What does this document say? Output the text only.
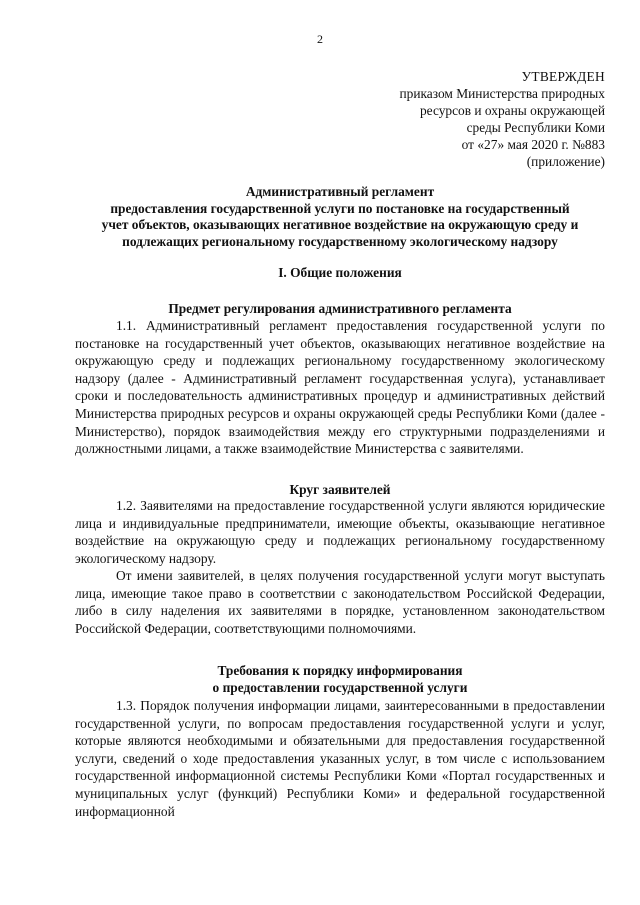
2
УТВЕРЖДЕН
приказом Министерства природных
ресурсов и охраны окружающей
среды Республики Коми
от «27» мая 2020 г. №883
(приложение)
Административный регламент
предоставления государственной услуги по постановке на государственный
учет объектов, оказывающих негативное воздействие на окружающую среду и
подлежащих региональному государственному экологическому надзору
I. Общие положения
Предмет регулирования административного регламента
1.1. Административный регламент предоставления государственной услуги по постановке на государственный учет объектов, оказывающих негативное воздействие на окружающую среду и подлежащих региональному государственному экологическому надзору (далее - Административный регламент государственная услуга), устанавливает сроки и последовательность административных процедур и административных действий Министерства природных ресурсов и охраны окружающей среды Республики Коми (далее - Министерство), порядок взаимодействия между его структурными подразделениями и должностными лицами, а также взаимодействие Министерства с заявителями.
Круг заявителей
1.2. Заявителями на предоставление государственной услуги являются юридические лица и индивидуальные предприниматели, имеющие объекты, оказывающие негативное воздействие на окружающую среду и подлежащих региональному государственному экологическому надзору.
От имени заявителей, в целях получения государственной услуги могут выступать лица, имеющие такое право в соответствии с законодательством Российской Федерации, либо в силу наделения их заявителями в порядке, установленном законодательством Российской Федерации, соответствующими полномочиями.
Требования к порядку информирования
о предоставлении государственной услуги
1.3. Порядок получения информации лицами, заинтересованными в предоставлении государственной услуги, по вопросам предоставления государственной услуги и услуг, которые являются необходимыми и обязательными для предоставления государственной услуги, сведений о ходе предоставления указанных услуг, в том числе с использованием государственной информационной системы Республики Коми «Портал государственных и муниципальных услуг (функций) Республики Коми» и федеральной государственной информационной
